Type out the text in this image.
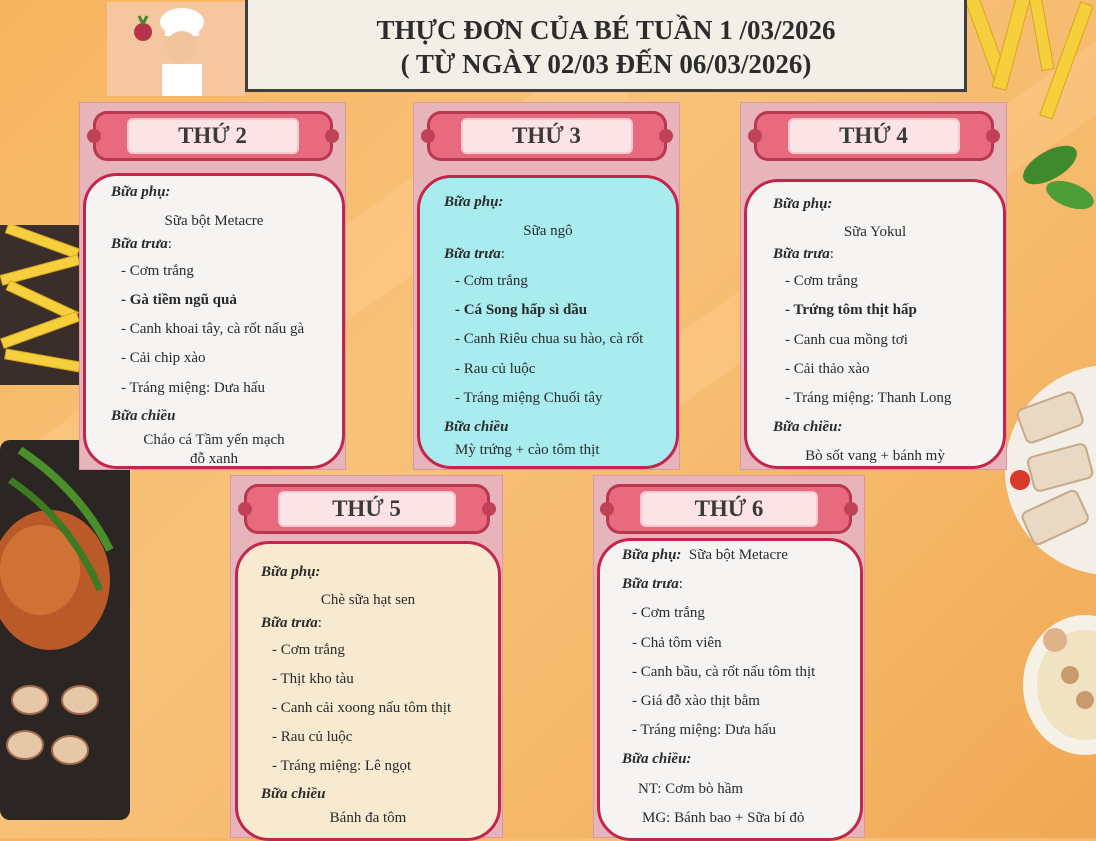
THỰC ĐƠN CỦA BÉ TUẦN 1 /03/2026
( TỪ NGÀY 02/03 ĐẾN 06/03/2026)
THỨ 2
Bữa phụ:
Sữa bột Metacre
Bữa trưa:
- Cơm trắng
- Gà tiềm ngũ quả
- Canh khoai tây, cà rốt nấu gà
- Cải chip xào
- Tráng miệng: Dưa hấu
Bữa chiều
Cháo cá Tầm yến mạch
đỗ xanh
THỨ 3
Bữa phụ:
Sữa ngô
Bữa trưa:
- Cơm trắng
- Cá Song hấp sì dầu
- Canh Riêu chua su hào, cà rốt
- Rau củ luộc
- Tráng miệng Chuối tây
Bữa chiều
Mỳ trứng + cào tôm thịt
THỨ 4
Bữa phụ:
Sữa Yokul
Bữa trưa:
- Cơm trắng
- Trứng tôm thịt hấp
- Canh cua mồng tơi
- Cải thảo xào
- Tráng miệng: Thanh Long
Bữa chiều:
Bò sốt vang + bánh mỳ
THỨ 5
Bữa phụ:
Chè sữa hạt sen
Bữa trưa:
- Cơm trắng
- Thịt kho tàu
- Canh cải xoong nấu tôm thịt
- Rau củ luộc
- Tráng miệng: Lê ngọt
Bữa chiều
Bánh đa tôm
THỨ 6
Bữa phụ: Sữa bột Metacre
Bữa trưa:
- Cơm trắng
- Chả tôm viên
- Canh bầu, cà rốt nấu tôm thịt
- Giá đỗ xào thịt bằm
- Tráng miệng: Dưa hấu
Bữa chiều:
NT: Cơm bò hầm
MG: Bánh bao + Sữa bí đỏ
